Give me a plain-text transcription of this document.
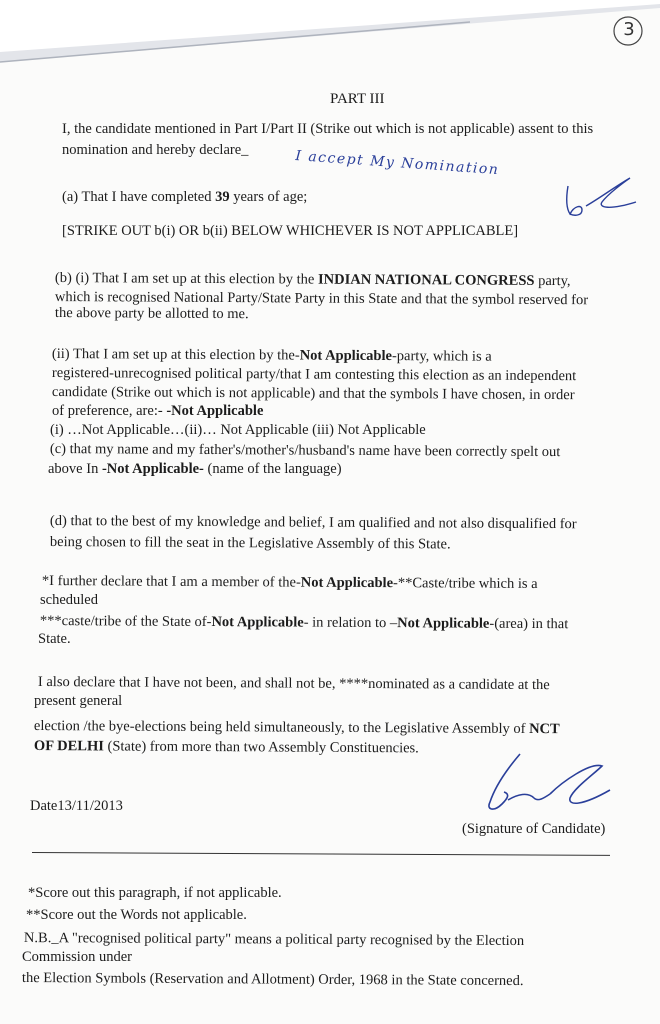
3
PART III
I, the candidate mentioned in Part I/Part II (Strike out which is not applicable) assent to this
nomination and hereby declare_	I accept My Nomination
(a) That I have completed 39 years of age;
[STRIKE OUT b(i) OR b(ii) BELOW WHICHEVER IS NOT APPLICABLE]
(b) (i) That I am set up at this election by the INDIAN NATIONAL CONGRESS party,
which is recognised National Party/State Party in this State and that the symbol reserved for
the above party be allotted to me.
(ii) That I am set up at this election by the-Not Applicable-party, which is a
registered-unrecognised political party/that I am contesting this election as an independent
candidate (Strike out which is not applicable) and that the symbols I have chosen, in order
of preference, are:- -Not Applicable
(i) …Not Applicable…(ii)… Not Applicable (iii) Not Applicable
(c) that my name and my father's/mother's/husband's name have been correctly spelt out
above In -Not Applicable- (name of the language)
(d) that to the best of my knowledge and belief, I am qualified and not also disqualified for
being chosen to fill the seat in the Legislative Assembly of this State.
*I further declare that I am a member of the-Not Applicable-**Caste/tribe which is a
scheduled
***caste/tribe of the State of-Not Applicable- in relation to –Not Applicable-(area) in that
State.
I also declare that I have not been, and shall not be, ****nominated as a candidate at the
present general
election /the bye-elections being held simultaneously, to the Legislative Assembly of NCT
OF DELHI (State) from more than two Assembly Constituencies.
Date13/11/2013
(Signature of Candidate)
*Score out this paragraph, if not applicable.
**Score out the Words not applicable.
N.B._A "recognised political party" means a political party recognised by the Election
Commission under
the Election Symbols (Reservation and Allotment) Order, 1968 in the State concerned.
